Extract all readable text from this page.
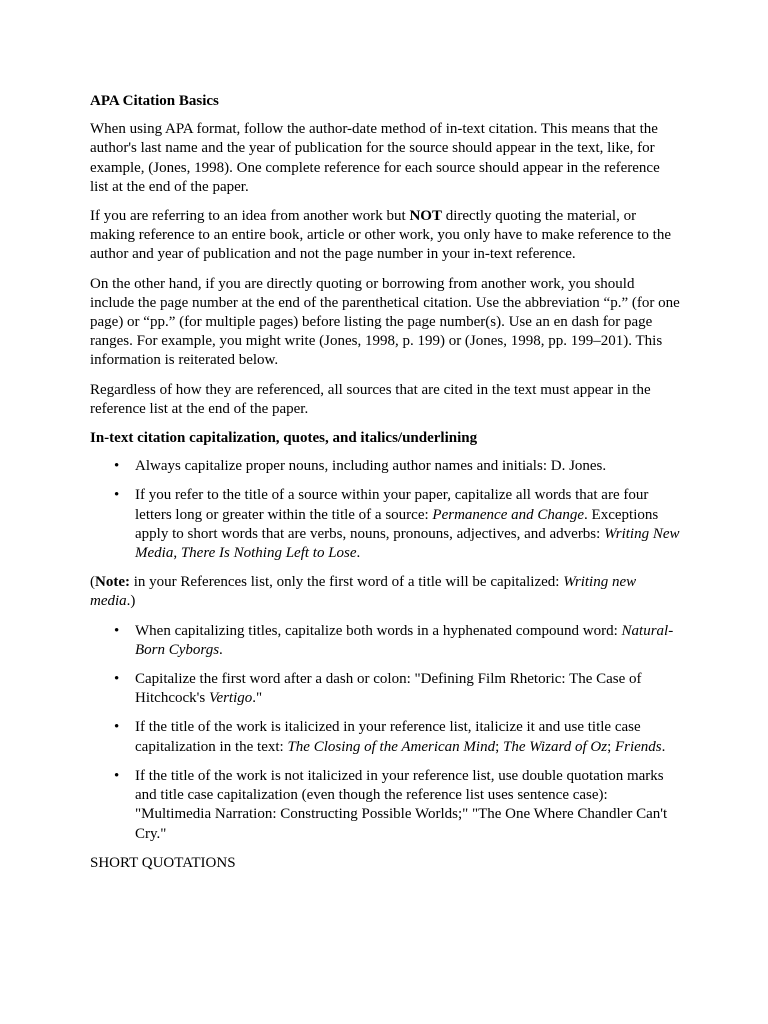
APA Citation Basics

When using APA format, follow the author-date method of in-text citation. This means that the author's last name and the year of publication for the source should appear in the text, like, for example, (Jones, 1998). One complete reference for each source should appear in the reference list at the end of the paper.

If you are referring to an idea from another work but NOT directly quoting the material, or making reference to an entire book, article or other work, you only have to make reference to the author and year of publication and not the page number in your in-text reference.

On the other hand, if you are directly quoting or borrowing from another work, you should include the page number at the end of the parenthetical citation. Use the abbreviation “p.” (for one page) or “pp.” (for multiple pages) before listing the page number(s). Use an en dash for page ranges. For example, you might write (Jones, 1998, p. 199) or (Jones, 1998, pp. 199–201). This information is reiterated below.

Regardless of how they are referenced, all sources that are cited in the text must appear in the reference list at the end of the paper.

In-text citation capitalization, quotes, and italics/underlining

• Always capitalize proper nouns, including author names and initials: D. Jones.
• If you refer to the title of a source within your paper, capitalize all words that are four letters long or greater within the title of a source: Permanence and Change. Exceptions apply to short words that are verbs, nouns, pronouns, adjectives, and adverbs: Writing New Media, There Is Nothing Left to Lose.

(Note: in your References list, only the first word of a title will be capitalized: Writing new media.)

• When capitalizing titles, capitalize both words in a hyphenated compound word: Natural-Born Cyborgs.
• Capitalize the first word after a dash or colon: "Defining Film Rhetoric: The Case of Hitchcock's Vertigo."
• If the title of the work is italicized in your reference list, italicize it and use title case capitalization in the text: The Closing of the American Mind; The Wizard of Oz; Friends.
• If the title of the work is not italicized in your reference list, use double quotation marks and title case capitalization (even though the reference list uses sentence case): "Multimedia Narration: Constructing Possible Worlds;" "The One Where Chandler Can't Cry."

SHORT QUOTATIONS
